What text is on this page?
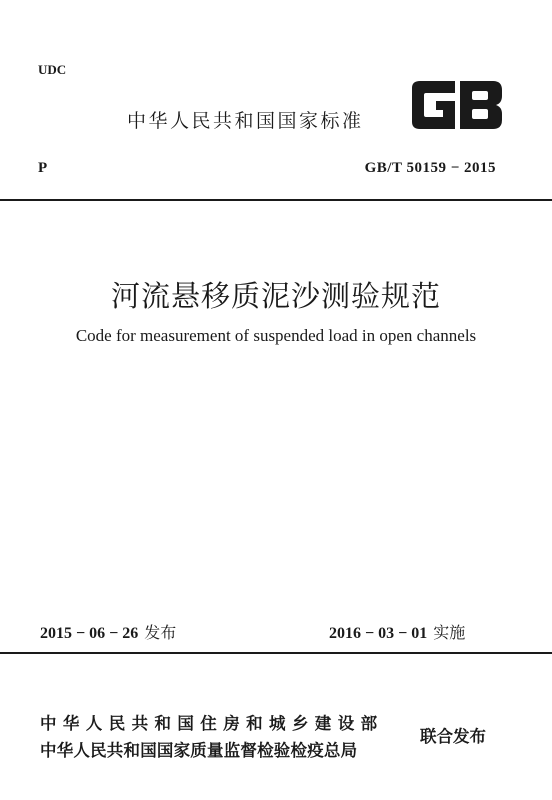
UDC
中华人民共和国国家标准
P	GB/T 50159 − 2015
河流悬移质泥沙测验规范
Code for measurement of suspended load in open channels
2015 − 06 − 26 发布	2016 − 03 − 01 实施
中华人民共和国住房和城乡建设部
中华人民共和国国家质量监督检验检疫总局
联合发布
